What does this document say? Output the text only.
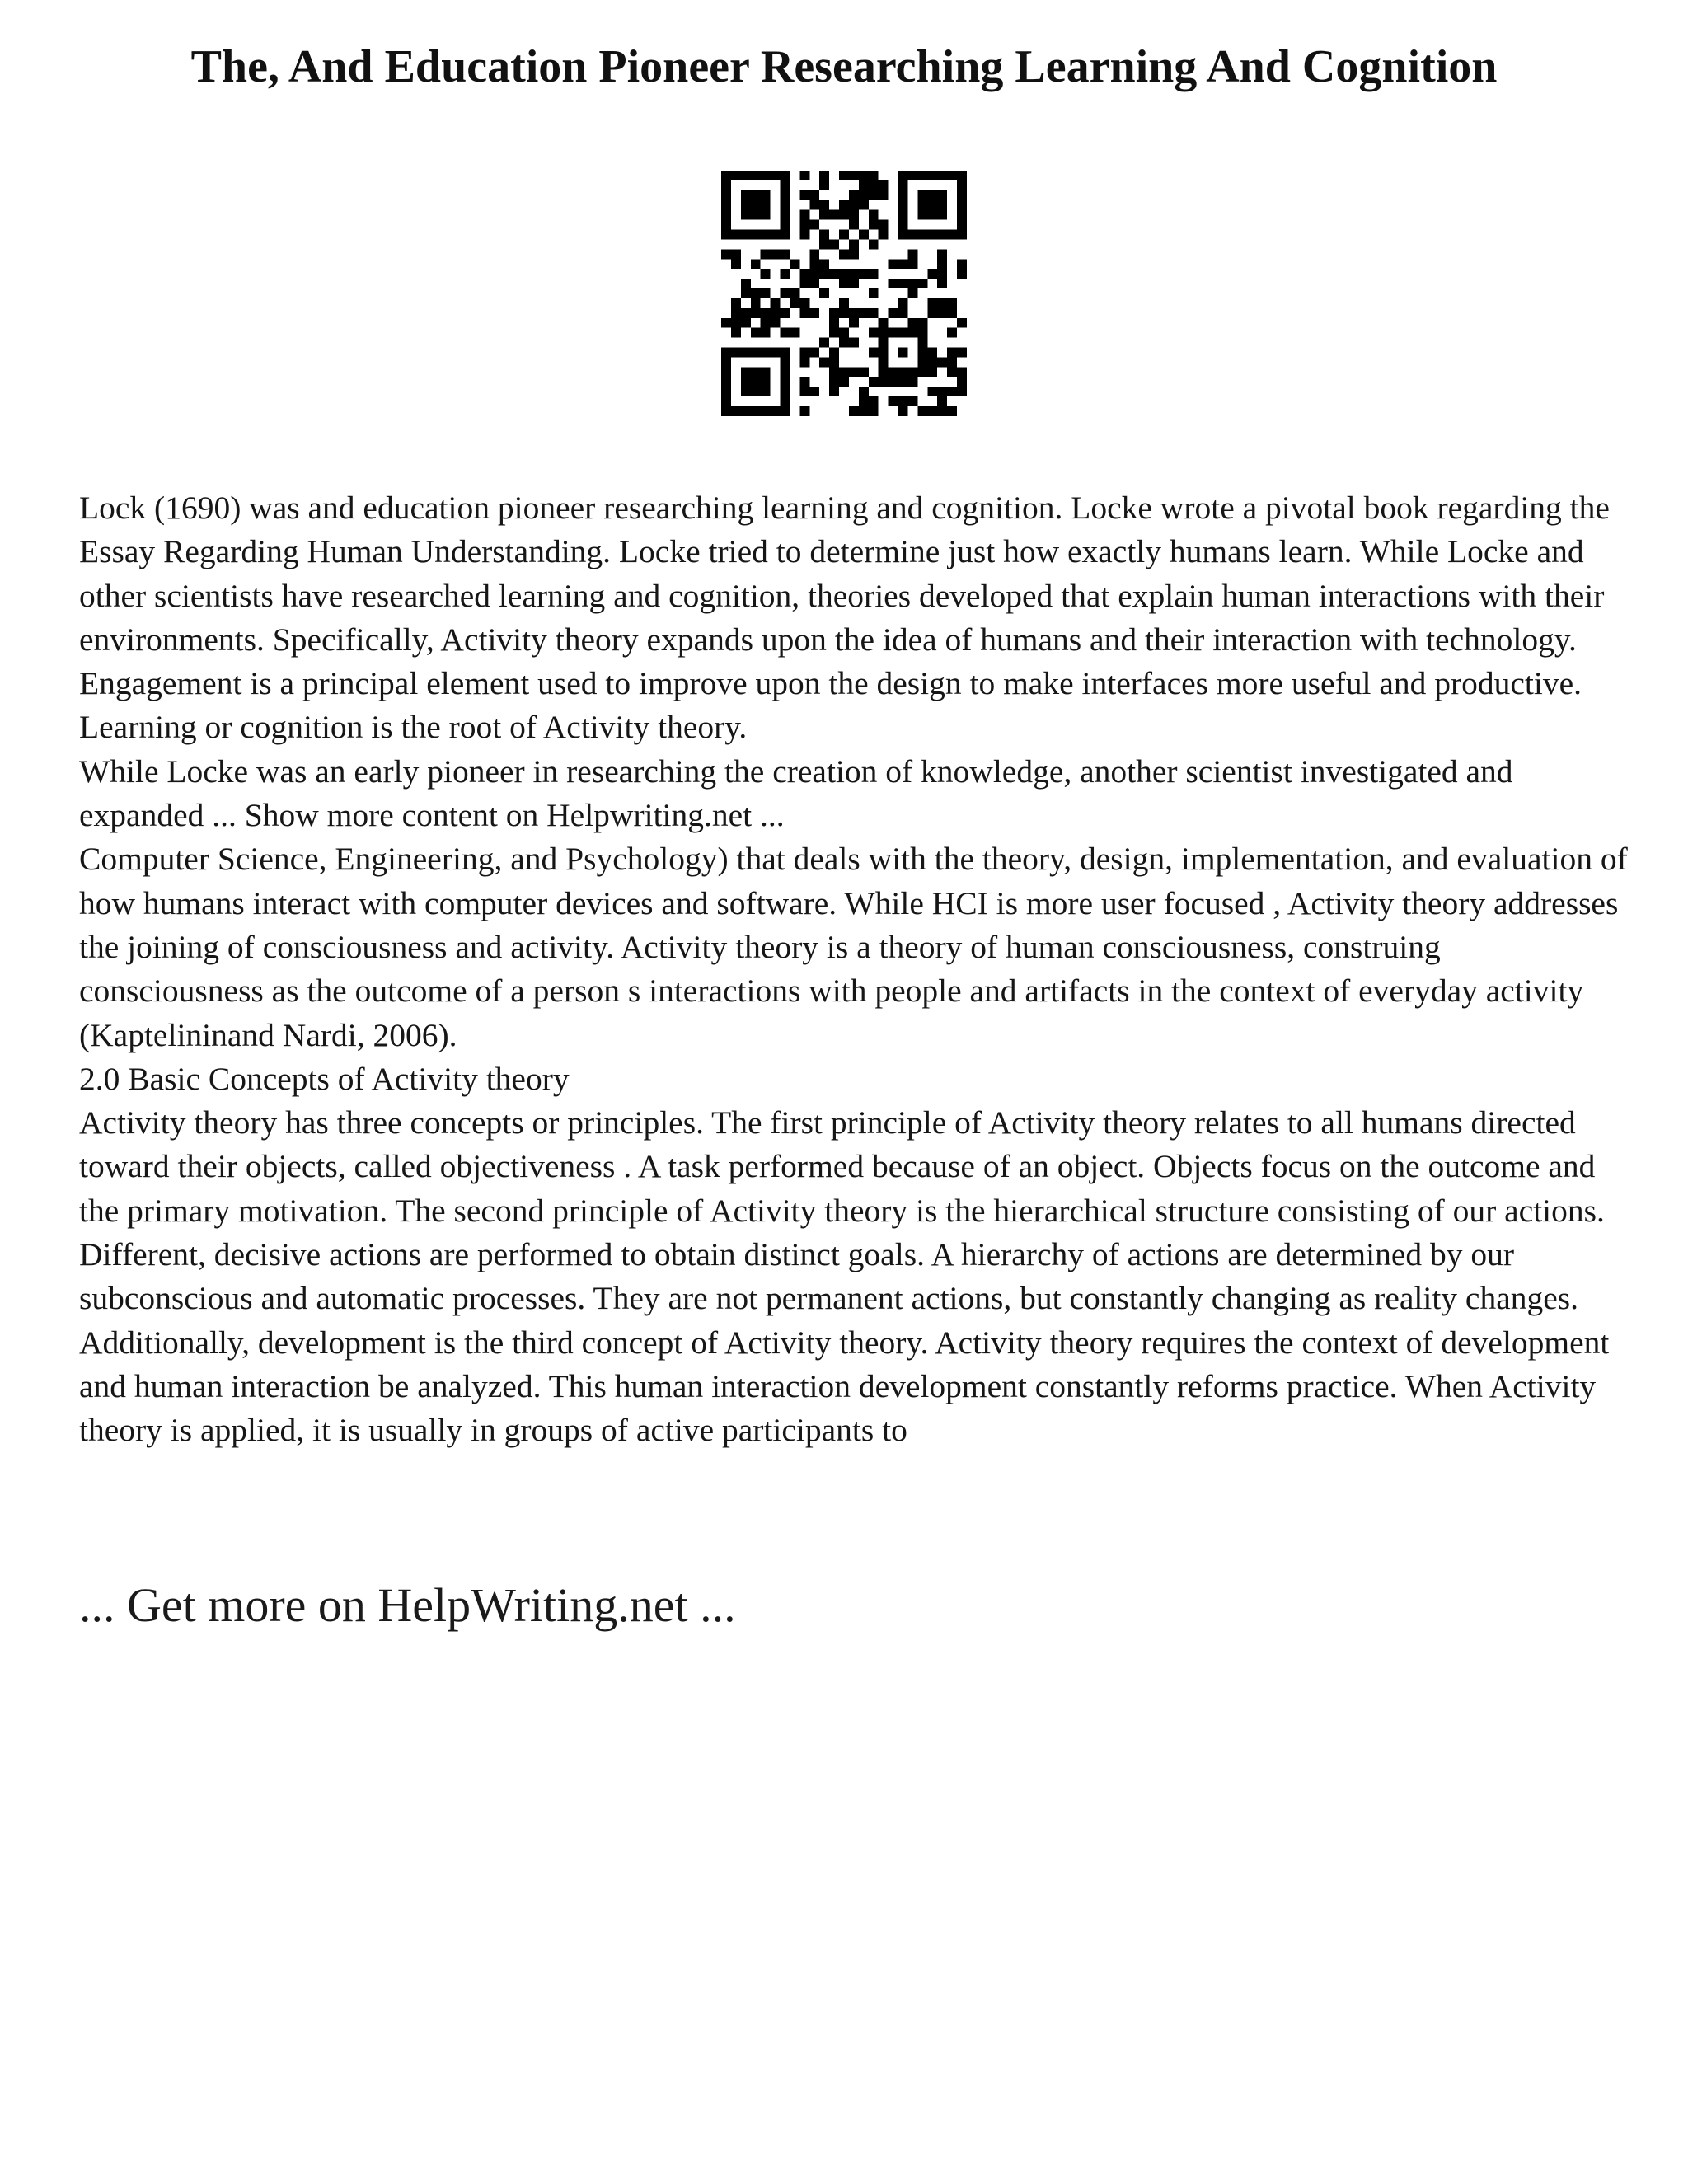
The, And Education Pioneer Researching Learning And Cognition

Lock (1690) was and education pioneer researching learning and cognition. Locke wrote a pivotal book regarding the Essay Regarding Human Understanding. Locke tried to determine just how exactly humans learn. While Locke and other scientists have researched learning and cognition, theories developed that explain human interactions with their environments. Specifically, Activity theory expands upon the idea of humans and their interaction with technology. Engagement is a principal element used to improve upon the design to make interfaces more useful and productive. Learning or cognition is the root of Activity theory.

While Locke was an early pioneer in researching the creation of knowledge, another scientist investigated and expanded ... Show more content on Helpwriting.net ...

Computer Science, Engineering, and Psychology) that deals with the theory, design, implementation, and evaluation of how humans interact with computer devices and software. While HCI is more user focused , Activity theory addresses the joining of consciousness and activity. Activity theory is a theory of human consciousness, construing consciousness as the outcome of a person s interactions with people and artifacts in the context of everyday activity (Kaptelininand Nardi, 2006).

2.0 Basic Concepts of Activity theory

Activity theory has three concepts or principles. The first principle of Activity theory relates to all humans directed toward their objects, called objectiveness . A task performed because of an object. Objects focus on the outcome and the primary motivation. The second principle of Activity theory is the hierarchical structure consisting of our actions. Different, decisive actions are performed to obtain distinct goals. A hierarchy of actions are determined by our subconscious and automatic processes. They are not permanent actions, but constantly changing as reality changes. Additionally, development is the third concept of Activity theory. Activity theory requires the context of development and human interaction be analyzed. This human interaction development constantly reforms practice. When Activity theory is applied, it is usually in groups of active participants to

... Get more on HelpWriting.net ...
